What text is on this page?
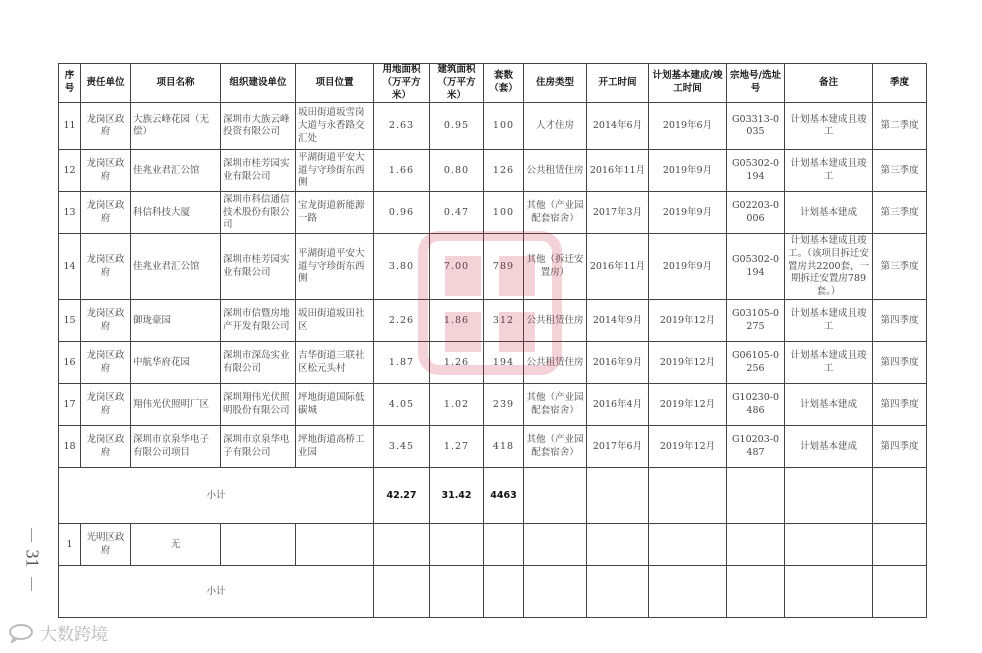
31
序号	责任单位	项目名称	组织建设单位	项目位置	用地面积（万平方米）	建筑面积（万平方米）	套数（套）	住房类型	开工时间	计划基本建成/竣工时间	宗地号/选址号	备注	季度
11	龙岗区政府	大族云峰花园（无偿）	深圳市大族云峰投资有限公司	坂田街道坂雪岗大道与永香路交汇处	2.63	0.95	100	人才住房	2014年6月	2019年6月	G03313-0035	计划基本建成且竣工	第二季度
12	龙岗区政府	佳兆业君汇公馆	深圳市桂芳园实业有限公司	平湖街道平安大道与守珍街东西侧	1.66	0.80	126	公共租赁住房	2016年11月	2019年9月	G05302-0194	计划基本建成且竣工	第三季度
13	龙岗区政府	科信科技大厦	深圳市科信通信技术股份有限公司	宝龙街道新能源一路	0.96	0.47	100	其他（产业园配套宿舍）	2017年3月	2019年9月	G02203-0006	计划基本建成	第三季度
14	龙岗区政府	佳兆业君汇公馆	深圳市桂芳园实业有限公司	平湖街道平安大道与守珍街东西侧	3.80	7.00	789	其他（拆迁安置房）	2016年11月	2019年9月	G05302-0194	计划基本建成且竣工。（该项目拆迁安置房共2200套，一期拆迁安置房789套。）	第三季度
15	龙岗区政府	御珑豪园	深圳市信暨房地产开发有限公司	坂田街道坂田社区	2.26	1.86	312	公共租赁住房	2014年9月	2019年12月	G03105-0275	计划基本建成且竣工	第四季度
16	龙岗区政府	中航华府花园	深圳市深岛实业有限公司	吉华街道三联社区松元头村	1.87	1.26	194	公共租赁住房	2016年9月	2019年12月	G06105-0256	计划基本建成且竣工	第四季度
17	龙岗区政府	翔伟光伏照明厂区	深圳翔伟光伏照明股份有限公司	坪地街道国际低碳城	4.05	1.02	239	其他（产业园配套宿舍）	2016年4月	2019年12月	G10230-0486	计划基本建成	第四季度
18	龙岗区政府	深圳市京泉华电子有限公司项目	深圳市京泉华电子有限公司	坪地街道高桥工业园	3.45	1.27	418	其他（产业园配套宿舍）	2017年6月	2019年12月	G10203-0487	计划基本建成	第四季度
小计					42.27	31.42	4463						
1	光明区政府	无											
小计													
大数跨境
